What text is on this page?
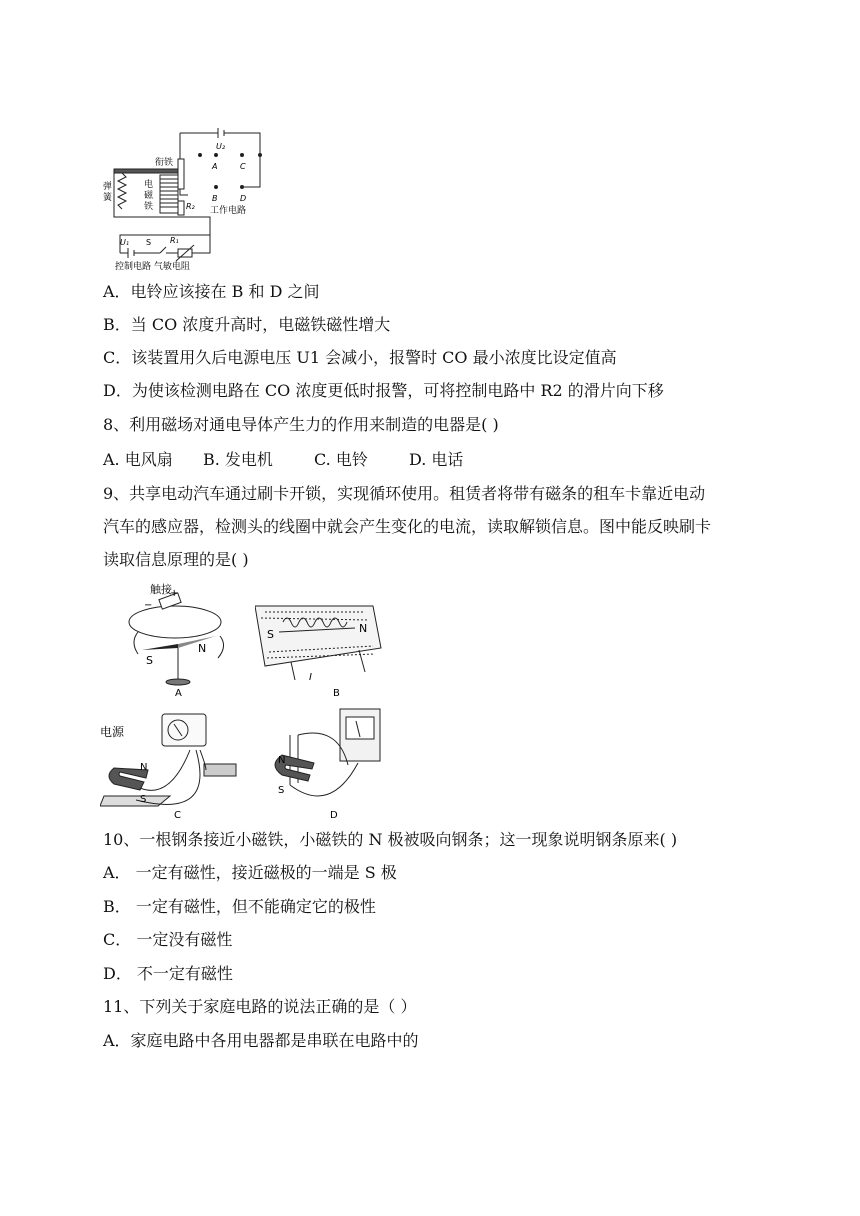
衔铁
弹
簧
电
磁
铁
U₂
A	C
B	D
R₂ 工作电路
U₁ S R₁
控制电路 气敏电阻
A．电铃应该接在 B 和 D 之间
B．当 CO 浓度升高时，电磁铁磁性增大
C．该装置用久后电源电压 U1 会减小，报警时 CO 最小浓度比设定值高
D．为使该检测电路在 CO 浓度更低时报警，可将控制电路中 R2 的滑片向下移
8、利用磁场对通电导体产生力的作用来制造的电器是( )
A. 电风扇 B. 发电机	C. 电铃	D. 电话
9、共享电动汽车通过刷卡开锁，实现循环使用。租赁者将带有磁条的租车卡靠近电动
汽车的感应器，检测头的线圈中就会产生变化的电流，读取解锁信息。图中能反映刷卡
读取信息原理的是( )
触接
+
−
S
N
A
S	N
I
B
电源
N
S
C
S
N
D
10、一根钢条接近小磁铁，小磁铁的 N 极被吸向钢条；这一现象说明钢条原来( )
A． 一定有磁性，接近磁极的一端是 S 极
B． 一定有磁性，但不能确定它的极性
C． 一定没有磁性
D． 不一定有磁性
11、下列关于家庭电路的说法正确的是（ ）
A．家庭电路中各用电器都是串联在电路中的
